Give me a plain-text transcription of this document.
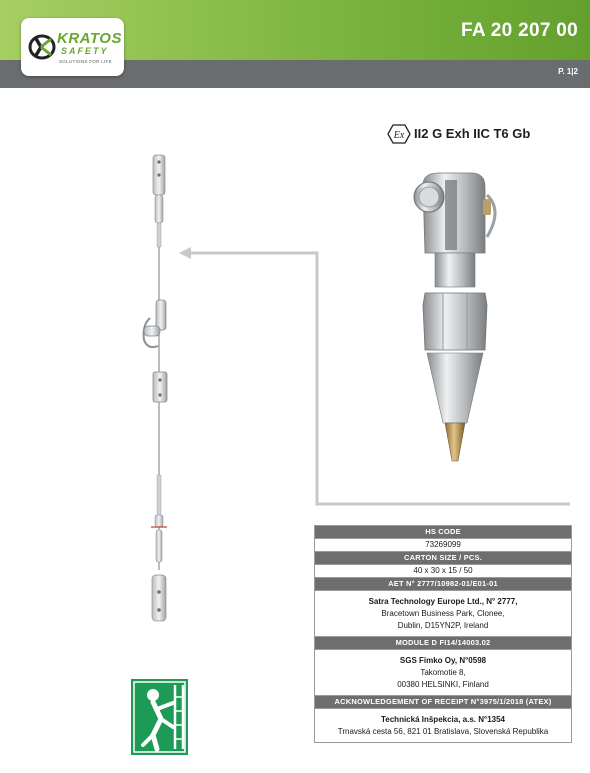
KRATOS
SAFETY
SOLUTIONS FOR LIFE
FA 20 207 00
P. 1|2
Ex II2 G Exh IIC T6 Gb
HS CODE
73269099
CARTON SIZE / PCS.
40 x 30 x 15 / 50
AET N° 2777/10982-01/E01-01
Satra Technology Europe Ltd., N° 2777,
Bracetown Business Park, Clonee,
Dublin, D15YN2P, Ireland
MODULE D FI14/14003.02
SGS Fimko Oy, N°0598
Takomotie 8,
00380 HELSINKI, Finland
ACKNOWLEDGEMENT OF RECEIPT N°3975/1/2018 (ATEX)
Technická Inšpekcia, a.s. N°1354
Trnavská cesta 56, 821 01 Bratislava, Slovenská Republika
